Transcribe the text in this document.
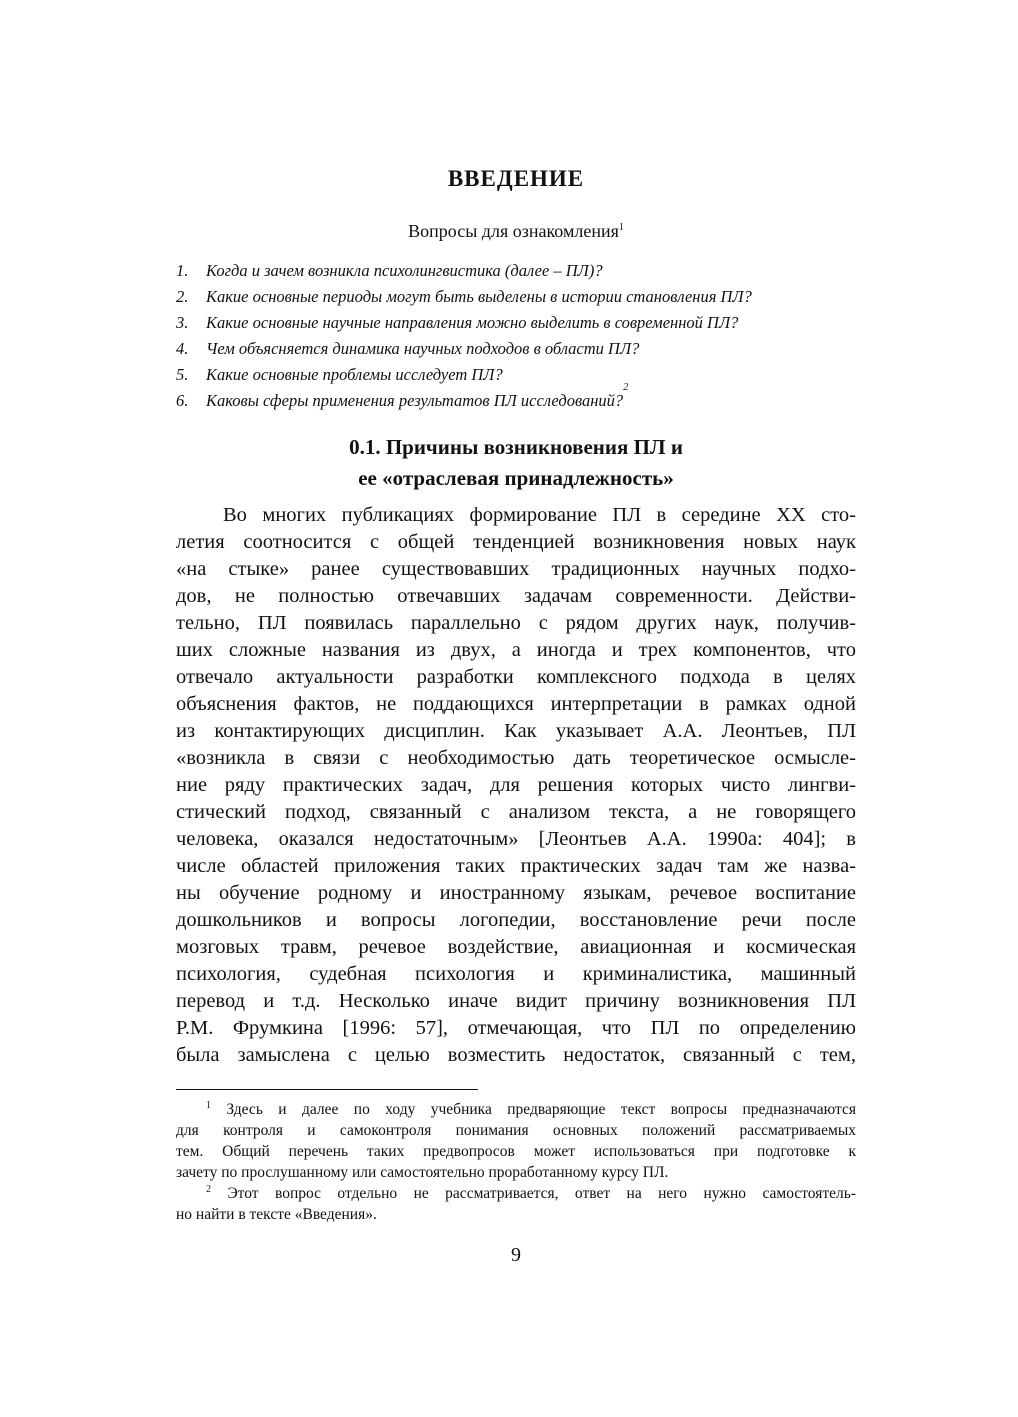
ВВЕДЕНИЕ
Вопросы для ознакомления$^1$
1.	Когда и зачем возникла психолингвистика (далее – ПЛ)?
2.	Какие основные периоды могут быть выделены в истории становления ПЛ?
3.	Какие основные научные направления можно выделить в современной ПЛ?
4.	Чем объясняется динамика научных подходов в области ПЛ?
5.	Какие основные проблемы исследует ПЛ?
6.	Каковы сферы применения результатов ПЛ исследований?
2
0.1. Причины возникновения ПЛ и
ее «отраслевая принадлежность»
Во многих публикациях формирование ПЛ в середине XX сто-
летия соотносится с общей тенденцией возникновения новых наук
«на стыке» ранее существовавших традиционных научных подхо-
дов, не полностью отвечавших задачам современности. Действи-
тельно, ПЛ появилась параллельно с рядом других наук, получив-
ших сложные названия из двух, а иногда и трех компонентов, что
отвечало актуальности разработки комплексного подхода в целях
объяснения фактов, не поддающихся интерпретации в рамках одной
из контактирующих дисциплин. Как указывает А.А. Леонтьев, ПЛ
«возникла в связи с необходимостью дать теоретическое осмысле-
ние ряду практических задач, для решения которых чисто лингви-
стический подход, связанный с анализом текста, а не говорящего
человека, оказался недостаточным» [Леонтьев А.А. 1990а: 404]; в
числе областей приложения таких практических задач там же назва-
ны обучение родному и иностранному языкам, речевое воспитание
дошкольников и вопросы логопедии, восстановление речи после
мозговых травм, речевое воздействие, авиационная и космическая
психология, судебная психология и криминалистика, машинный
перевод и т.д. Несколько иначе видит причину возникновения ПЛ
Р.М. Фрумкина [1996: 57], отмечающая, что ПЛ по определению
была замыслена с целью возместить недостаток, связанный с тем,
$^1$ Здесь и далее по ходу учебника предваряющие текст вопросы предназначаются
для контроля и самоконтроля понимания основных положений рассматриваемых
тем. Общий перечень таких предвопросов может использоваться при подготовке к
зачету по прослушанному или самостоятельно проработанному курсу ПЛ.
$^2$ Этот вопрос отдельно не рассматривается, ответ на него нужно самостоятель-
но найти в тексте «Введения».
9
